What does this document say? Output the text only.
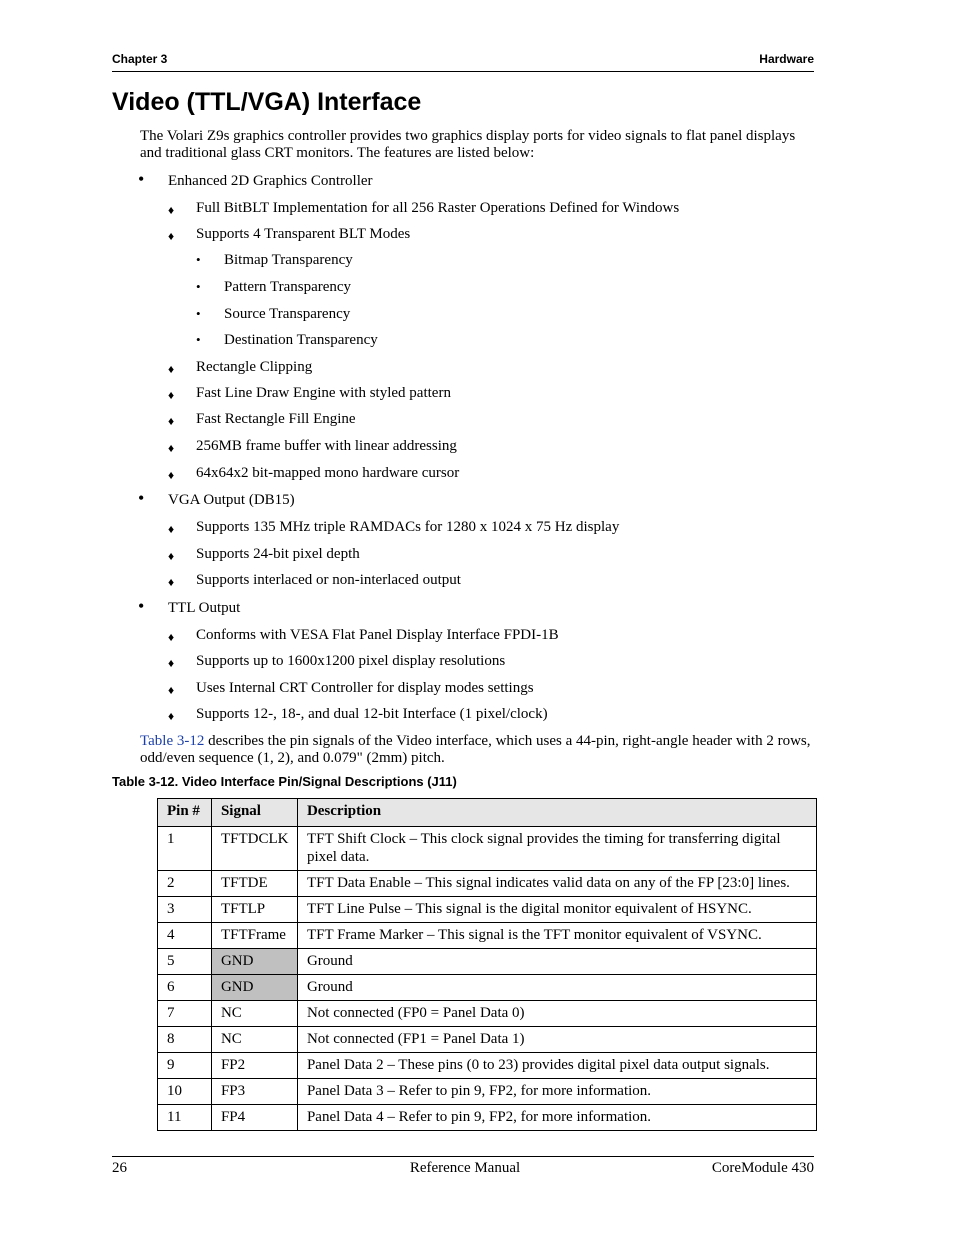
Chapter 3	Hardware
Video (TTL/VGA) Interface

The Volari Z9s graphics controller provides two graphics display ports for video signals to flat panel displays and traditional glass CRT monitors. The features are listed below:

• Enhanced 2D Graphics Controller
♦ Full BitBLT Implementation for all 256 Raster Operations Defined for Windows
♦ Supports 4 Transparent BLT Modes
• Bitmap Transparency
• Pattern Transparency
• Source Transparency
• Destination Transparency
♦ Rectangle Clipping
♦ Fast Line Draw Engine with styled pattern
♦ Fast Rectangle Fill Engine
♦ 256MB frame buffer with linear addressing
♦ 64x64x2 bit-mapped mono hardware cursor
• VGA Output (DB15)
♦ Supports 135 MHz triple RAMDACs for 1280 x 1024 x 75 Hz display
♦ Supports 24-bit pixel depth
♦ Supports interlaced or non-interlaced output
• TTL Output
♦ Conforms with VESA Flat Panel Display Interface FPDI-1B
♦ Supports up to 1600x1200 pixel display resolutions
♦ Uses Internal CRT Controller for display modes settings
♦ Supports 12-, 18-, and dual 12-bit Interface (1 pixel/clock)

Table 3-12 describes the pin signals of the Video interface, which uses a 44-pin, right-angle header with 2 rows, odd/even sequence (1, 2), and 0.079" (2mm) pitch.

Table 3-12. Video Interface Pin/Signal Descriptions (J11)
Pin #	Signal	Description
1	TFTDCLK	TFT Shift Clock – This clock signal provides the timing for transferring digital pixel data.
2	TFTDE	TFT Data Enable – This signal indicates valid data on any of the FP [23:0] lines.
3	TFTLP	TFT Line Pulse – This signal is the digital monitor equivalent of HSYNC.
4	TFTFrame	TFT Frame Marker – This signal is the TFT monitor equivalent of VSYNC.
5	GND	Ground
6	GND	Ground
7	NC	Not connected (FP0 = Panel Data 0)
8	NC	Not connected (FP1 = Panel Data 1)
9	FP2	Panel Data 2 – These pins (0 to 23) provides digital pixel data output signals.
10	FP3	Panel Data 3 – Refer to pin 9, FP2, for more information.
11	FP4	Panel Data 4 – Refer to pin 9, FP2, for more information.
26	Reference Manual	CoreModule 430
